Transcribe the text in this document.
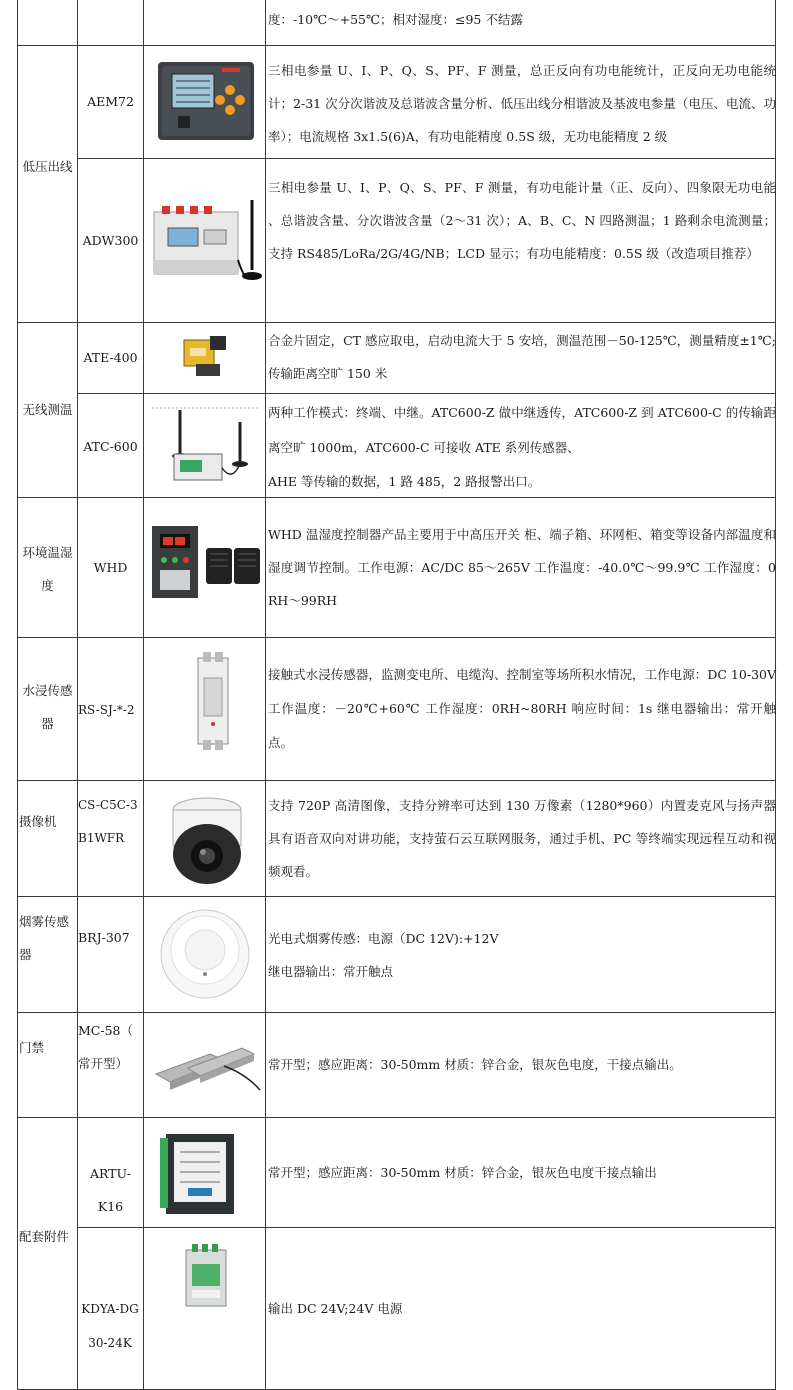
度：-10℃～+55℃；相对湿度：≤95 不结露
低压出线
AEM72
三相电参量 U、I、P、Q、S、PF、F 测量，总正反向有功电能统计，正反向无功电能统计；2-31 次分次谐波及总谐波含量分析、低压出线分相谐波及基波电参量（电压、电流、功率）；电流规格 3x1.5(6)A，有功电能精度 0.5S 级，无功电能精度 2 级
ADW300
三相电参量 U、I、P、Q、S、PF、F 测量，有功电能计量（正、反向）、四象限无功电能 、总谐波含量、分次谐波含量（2～31 次）；A、B、C、N 四路测温；1 路剩余电流测量；支持 RS485/LoRa/2G/4G/NB；LCD 显示；有功电能精度：0.5S 级（改造项目推荐）
无线测温
ATE-400
合金片固定，CT 感应取电，启动电流大于 5 安培，测温范围－50-125℃，测量精度±1℃;传输距离空旷 150 米
ATC-600
两种工作模式：终端、中继。ATC600-Z 做中继透传，ATC600-Z 到 ATC600-C 的传输距离空旷 1000m，ATC600-C 可接收 ATE 系列传感器、
AHE 等传输的数据，1 路 485，2 路报警出口。
环境温湿度
WHD
WHD 温湿度控制器产品主要用于中高压开关 柜、端子箱、环网柜、箱变等设备内部温度和 湿度调节控制。工作电源：AC/DC 85～265V 工作温度：-40.0℃～99.9℃ 工作湿度：0RH～99RH
水浸传感器
RS-SJ-*-2
接触式水浸传感器，监测变电所、电缆沟、控制室等场所积水情况，工作电源：DC 10-30V 工作温度：－20℃+60℃ 工作湿度：0RH~80RH 响应时间：1s 继电器输出：常开触点。
摄像机
CS-C5C-3B1WFR
支持 720P 高清图像，支持分辨率可达到 130 万像素（1280*960）内置麦克风与扬声器具有语音双向对讲功能，支持萤石云互联网服务，通过手机、PC 等终端实现远程互动和视频观看。
烟雾传感器
BRJ-307	光电式烟雾传感：电源（DC 12V):+12V
继电器输出：常开触点
门禁
MC-58（ 常开型）	常开型；感应距离：30-50mm 材质：锌合金，银灰色电度，干接点输出。
配套附件
ARTU-K16
常开型；感应距离：30-50mm 材质：锌合金，银灰色电度干接点输出
KDYA-DG30-24K
输出 DC 24V;24V 电源
